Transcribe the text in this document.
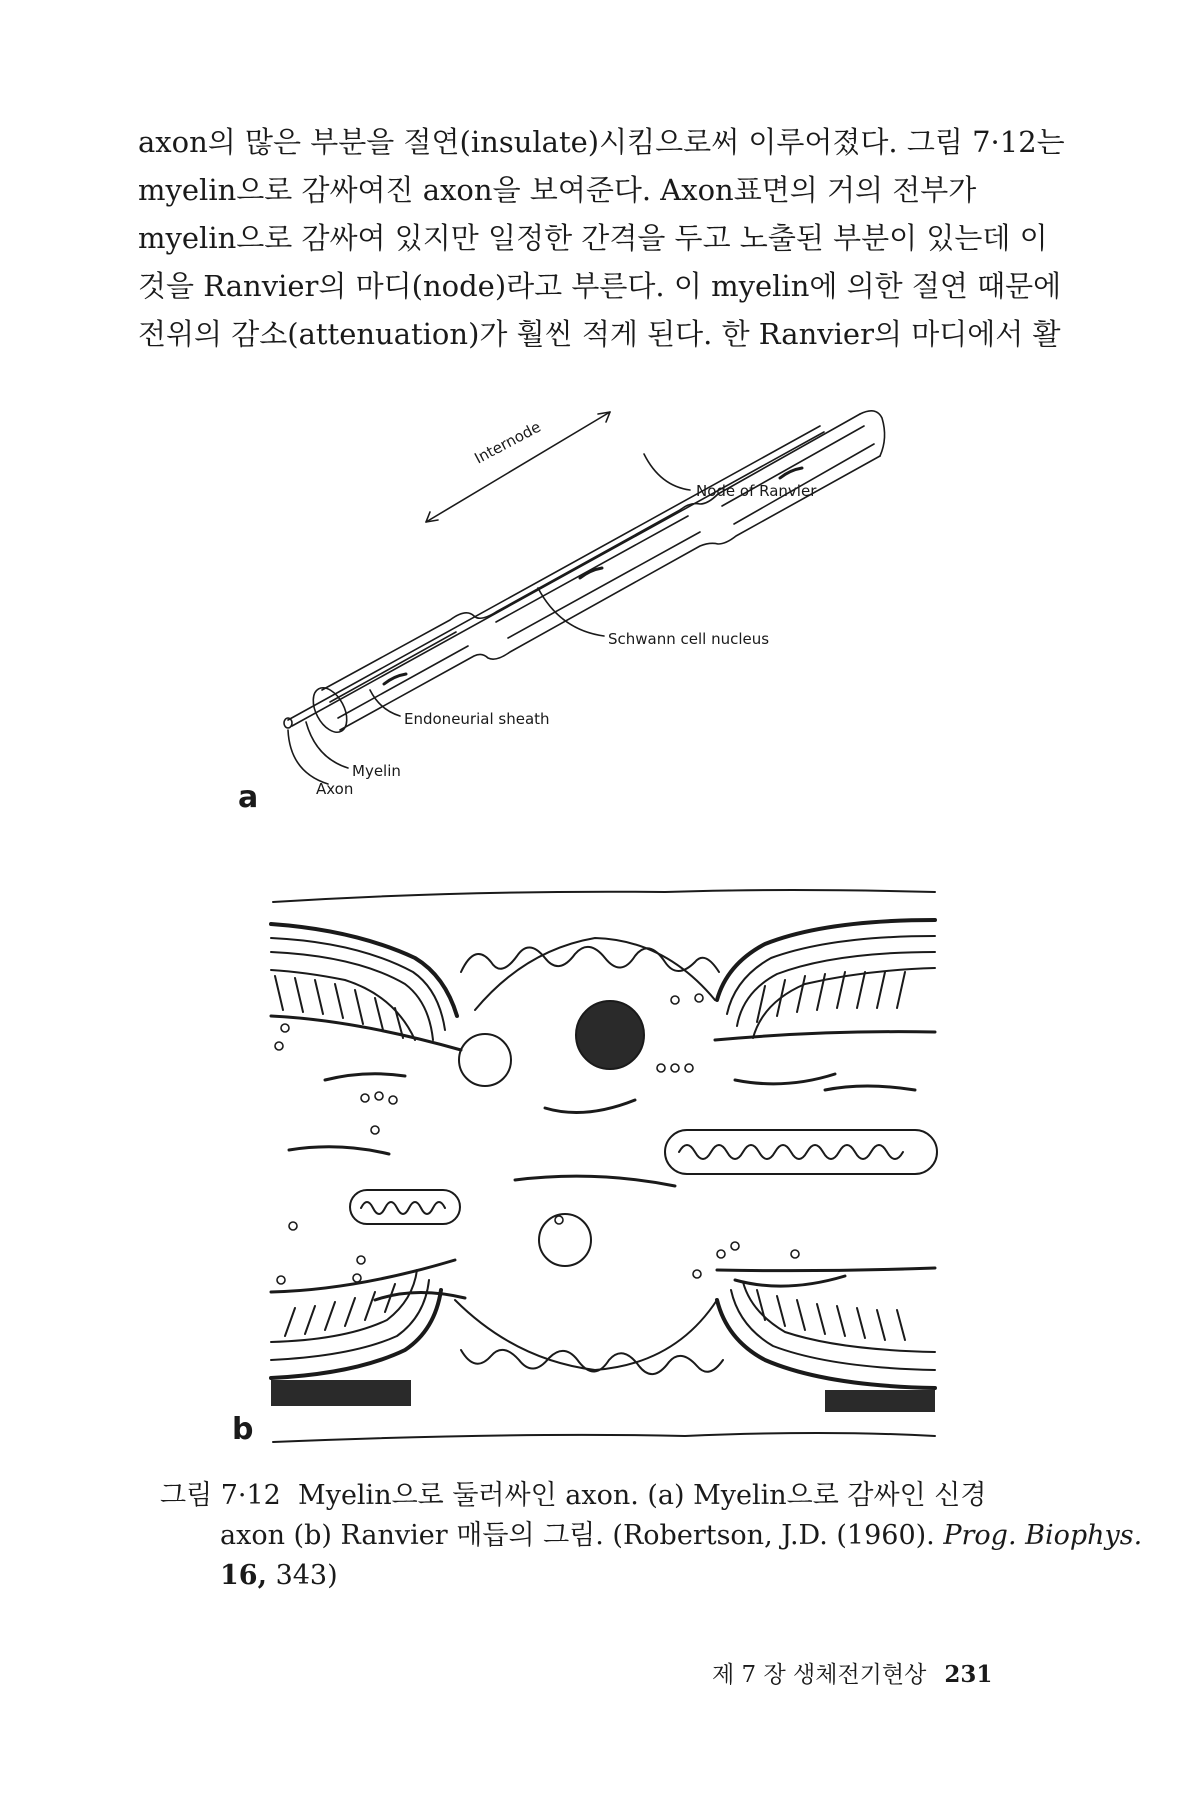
axon의 많은 부분을 절연(insulate)시킴으로써 이루어졌다. 그림 7·12는
myelin으로 감싸여진 axon을 보여준다. Axon표면의 거의 전부가
myelin으로 감싸여 있지만 일정한 간격을 두고 노출된 부분이 있는데 이
것을 Ranvier의 마디(node)라고 부른다. 이 myelin에 의한 절연 때문에
전위의 감소(attenuation)가 훨씬 적게 된다. 한 Ranvier의 마디에서 활
Internode
Node of Ranvier
Schwann cell nucleus
Endoneurial sheath
Myelin
Axon
a
b
그림 7·12 Myelin으로 둘러싸인 axon. (a) Myelin으로 감싸인 신경
axon (b) Ranvier 매듭의 그림. (Robertson, J.D. (1960). Prog. Biophys.
16, 343)
제 7 장 생체전기현상 231
